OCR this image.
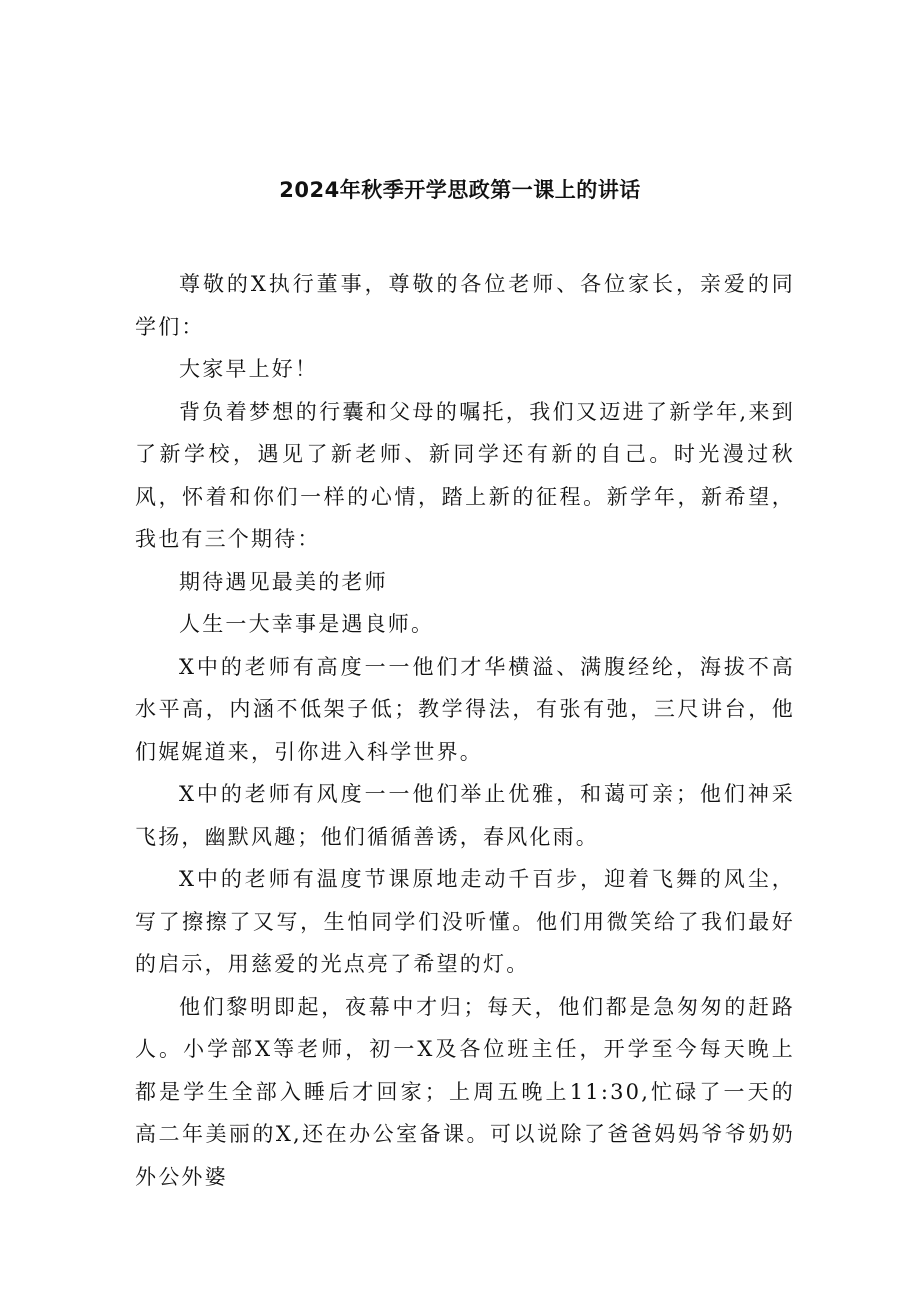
2024年秋季开学思政第一课上的讲话

尊敬的X执行董事，尊敬的各位老师、各位家长，亲爱的同学们：

大家早上好！

背负着梦想的行囊和父母的嘱托，我们又迈进了新学年,来到了新学校，遇见了新老师、新同学还有新的自己。时光漫过秋风，怀着和你们一样的心情，踏上新的征程。新学年，新希望，我也有三个期待：

期待遇见最美的老师

人生一大幸事是遇良师。

X中的老师有高度一一他们才华横溢、满腹经纶，海拔不高水平高，内涵不低架子低；教学得法，有张有弛，三尺讲台，他们娓娓道来，引你进入科学世界。

X中的老师有风度一一他们举止优雅，和蔼可亲；他们神采飞扬，幽默风趣；他们循循善诱，春风化雨。

X中的老师有温度节课原地走动千百步，迎着飞舞的风尘，写了擦擦了又写，生怕同学们没听懂。他们用微笑给了我们最好的启示，用慈爱的光点亮了希望的灯。

他们黎明即起，夜幕中才归；每天，他们都是急匆匆的赶路人。小学部X等老师，初一X及各位班主任，开学至今每天晚上都是学生全部入睡后才回家；上周五晚上11:30,忙碌了一天的高二年美丽的X,还在办公室备课。可以说除了爸爸妈妈爷爷奶奶外公外婆
